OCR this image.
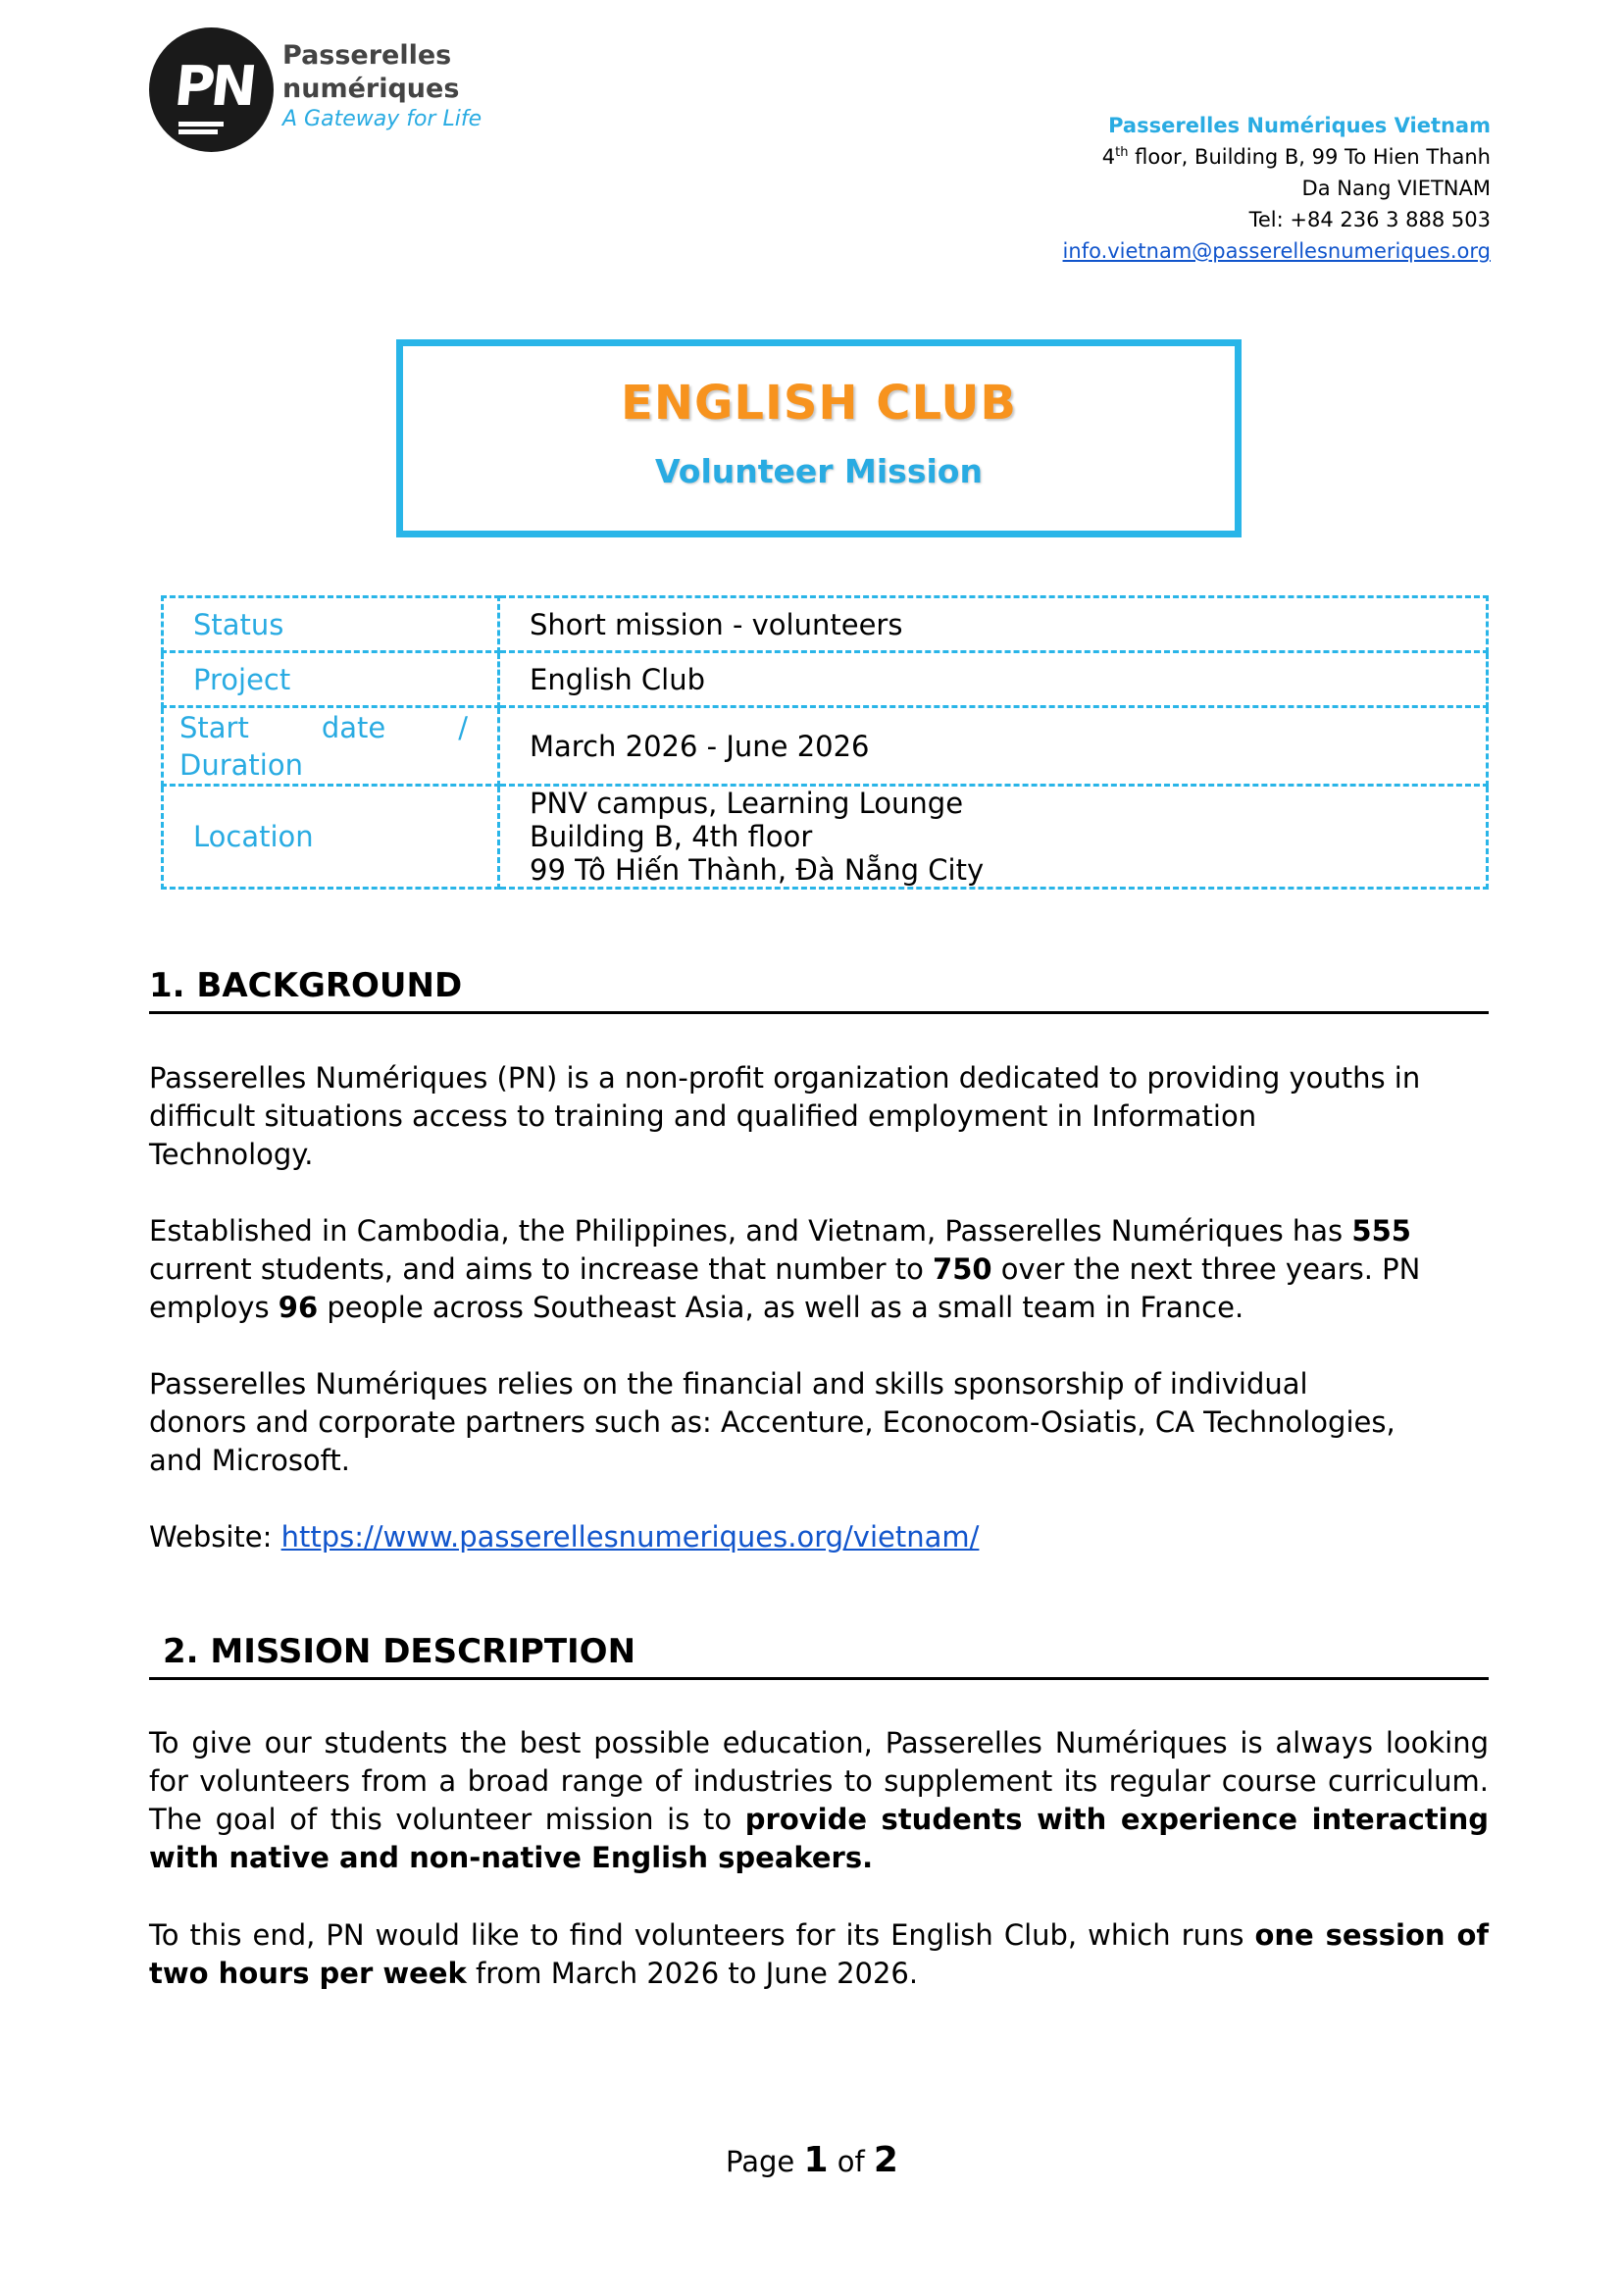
PN Passerelles
numériques
A Gateway for Life	Passerelles Numériques Vietnam
4th floor, Building B, 99 To Hien Thanh
Da Nang VIETNAM
Tel: +84 236 3 888 503
info.vietnam@passerellesnumeriques.org
ENGLISH CLUB
Volunteer Mission
Status	Short mission - volunteers
Project	English Club
Start date / Duration	March 2026 - June 2026
Location	PNV campus, Learning Lounge
Building B, 4th floor
99 Tô Hiến Thành, Đà Nẵng City
1. BACKGROUND
Passerelles Numériques (PN) is a non-profit organization dedicated to providing youths in difficult situations access to training and qualified employment in Information Technology.
Established in Cambodia, the Philippines, and Vietnam, Passerelles Numériques has 555 current students, and aims to increase that number to 750 over the next three years. PN employs 96 people across Southeast Asia, as well as a small team in France.
Passerelles Numériques relies on the financial and skills sponsorship of individual donors and corporate partners such as: Accenture, Econocom-Osiatis, CA Technologies, and Microsoft.
Website: https://www.passerellesnumeriques.org/vietnam/
2. MISSION DESCRIPTION
To give our students the best possible education, Passerelles Numériques is always looking for volunteers from a broad range of industries to supplement its regular course curriculum. The goal of this volunteer mission is to provide students with experience interacting with native and non-native English speakers.
To this end, PN would like to find volunteers for its English Club, which runs one session of two hours per week from March 2026 to June 2026.
Page 1 of 2
